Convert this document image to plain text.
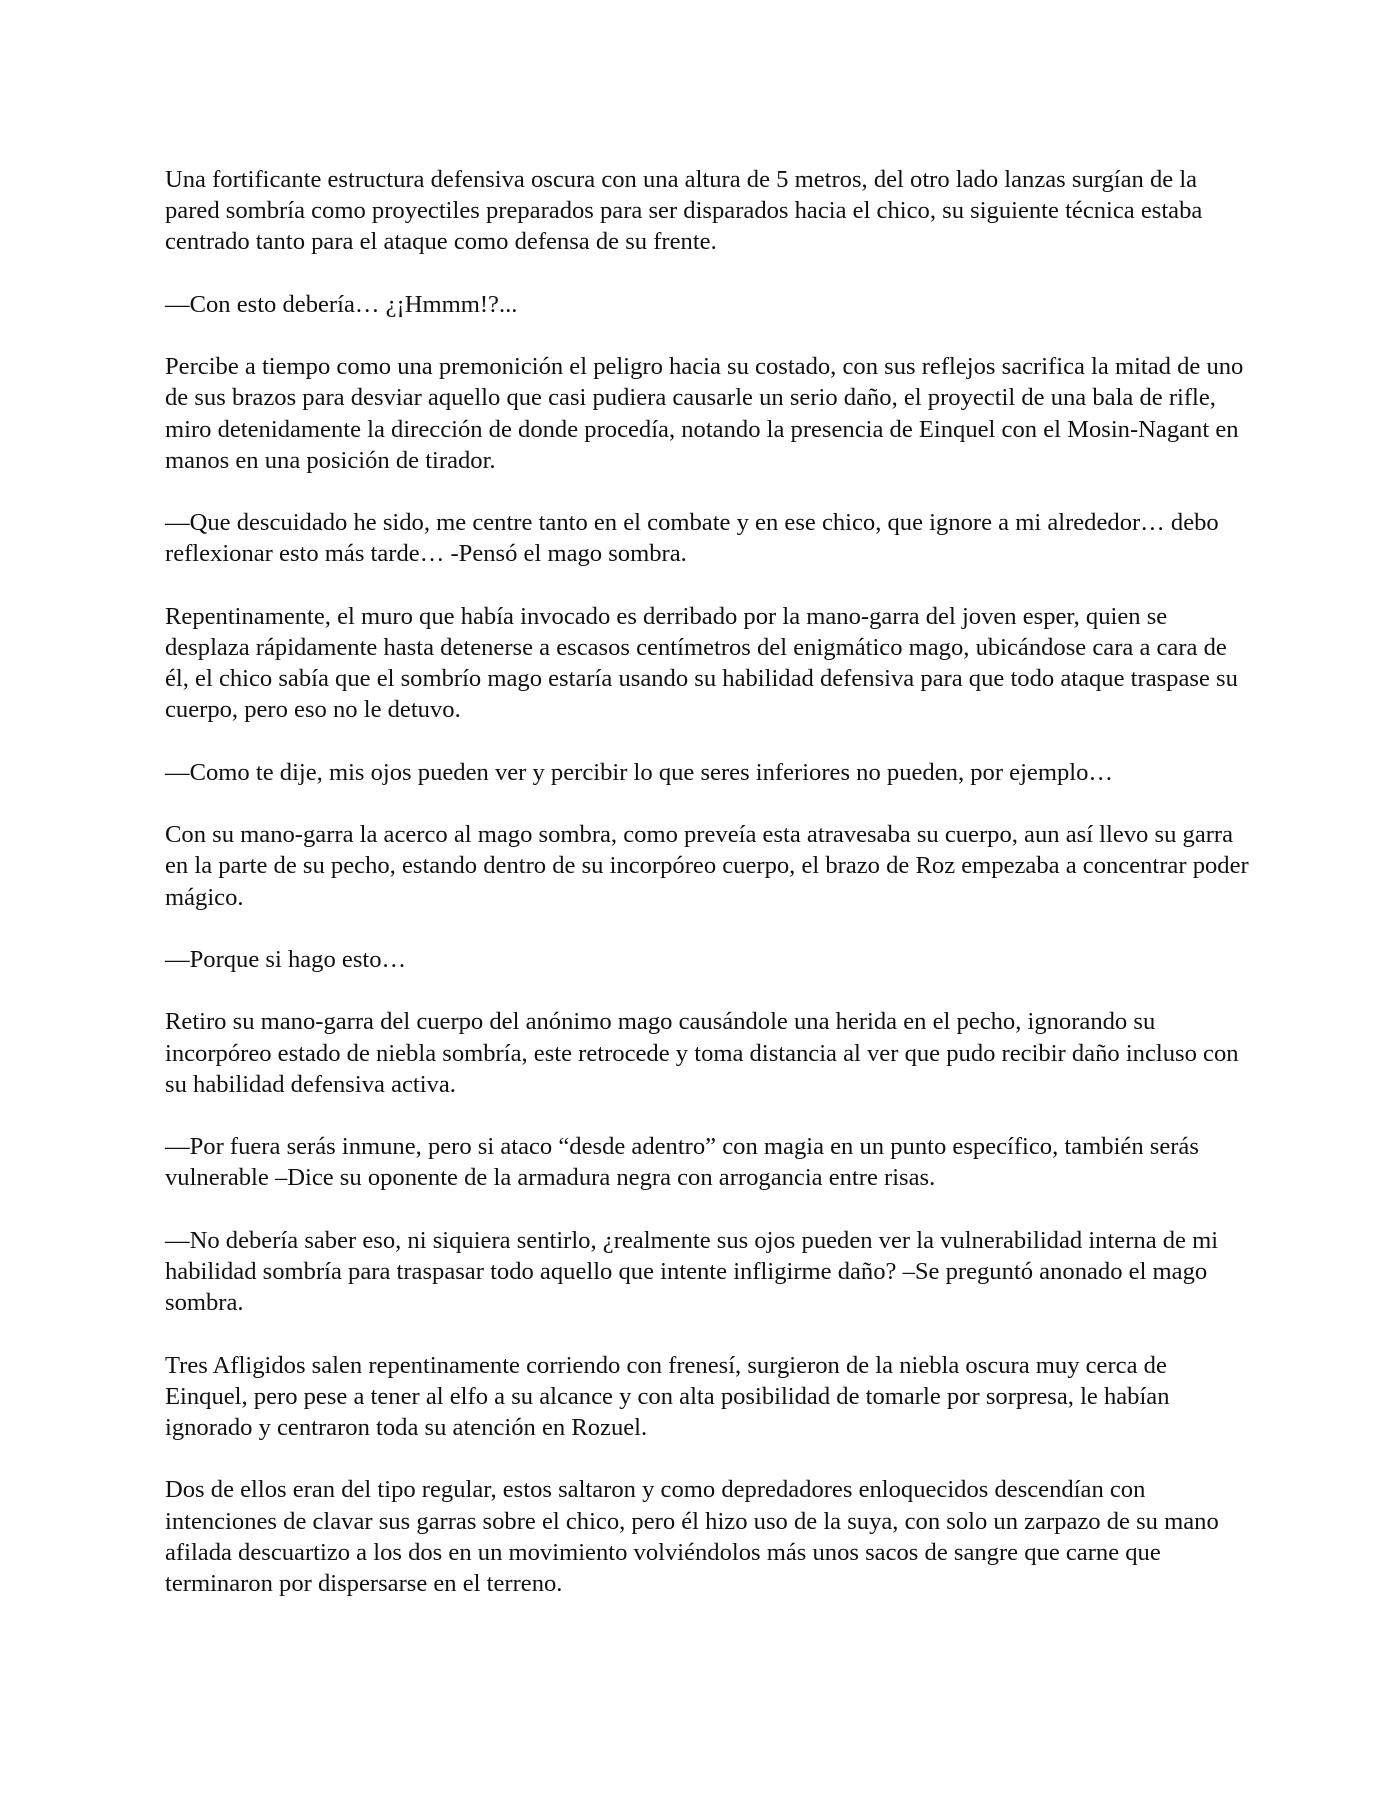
Una fortificante estructura defensiva oscura con una altura de 5 metros, del otro lado lanzas surgían de la pared sombría como proyectiles preparados para ser disparados hacia el chico, su siguiente técnica estaba centrado tanto para el ataque como defensa de su frente.

—Con esto debería… ¿¡Hmmm!?...

Percibe a tiempo como una premonición el peligro hacia su costado, con sus reflejos sacrifica la mitad de uno de sus brazos para desviar aquello que casi pudiera causarle un serio daño, el proyectil de una bala de rifle, miro detenidamente la dirección de donde procedía, notando la presencia de Einquel con el Mosin-Nagant en manos en una posición de tirador.

—Que descuidado he sido, me centre tanto en el combate y en ese chico, que ignore a mi alrededor… debo reflexionar esto más tarde… -Pensó el mago sombra.

Repentinamente, el muro que había invocado es derribado por la mano-garra del joven esper, quien se desplaza rápidamente hasta detenerse a escasos centímetros del enigmático mago, ubicándose cara a cara de él, el chico sabía que el sombrío mago estaría usando su habilidad defensiva para que todo ataque traspase su cuerpo, pero eso no le detuvo.

—Como te dije, mis ojos pueden ver y percibir lo que seres inferiores no pueden, por ejemplo…

Con su mano-garra la acerco al mago sombra, como preveía esta atravesaba su cuerpo, aun así llevo su garra en la parte de su pecho, estando dentro de su incorpóreo cuerpo, el brazo de Roz empezaba a concentrar poder mágico.

—Porque si hago esto…

Retiro su mano-garra del cuerpo del anónimo mago causándole una herida en el pecho, ignorando su incorpóreo estado de niebla sombría, este retrocede y toma distancia al ver que pudo recibir daño incluso con su habilidad defensiva activa.

—Por fuera serás inmune, pero si ataco “desde adentro” con magia en un punto específico, también serás vulnerable –Dice su oponente de la armadura negra con arrogancia entre risas.

—No debería saber eso, ni siquiera sentirlo, ¿realmente sus ojos pueden ver la vulnerabilidad interna de mi habilidad sombría para traspasar todo aquello que intente infligirme daño? –Se preguntó anonado el mago sombra.

Tres Afligidos salen repentinamente corriendo con frenesí, surgieron de la niebla oscura muy cerca de Einquel, pero pese a tener al elfo a su alcance y con alta posibilidad de tomarle por sorpresa, le habían ignorado y centraron toda su atención en Rozuel.

Dos de ellos eran del tipo regular, estos saltaron y como depredadores enloquecidos descendían con intenciones de clavar sus garras sobre el chico, pero él hizo uso de la suya, con solo un zarpazo de su mano afilada descuartizo a los dos en un movimiento volviéndolos más unos sacos de sangre que carne que terminaron por dispersarse en el terreno.
